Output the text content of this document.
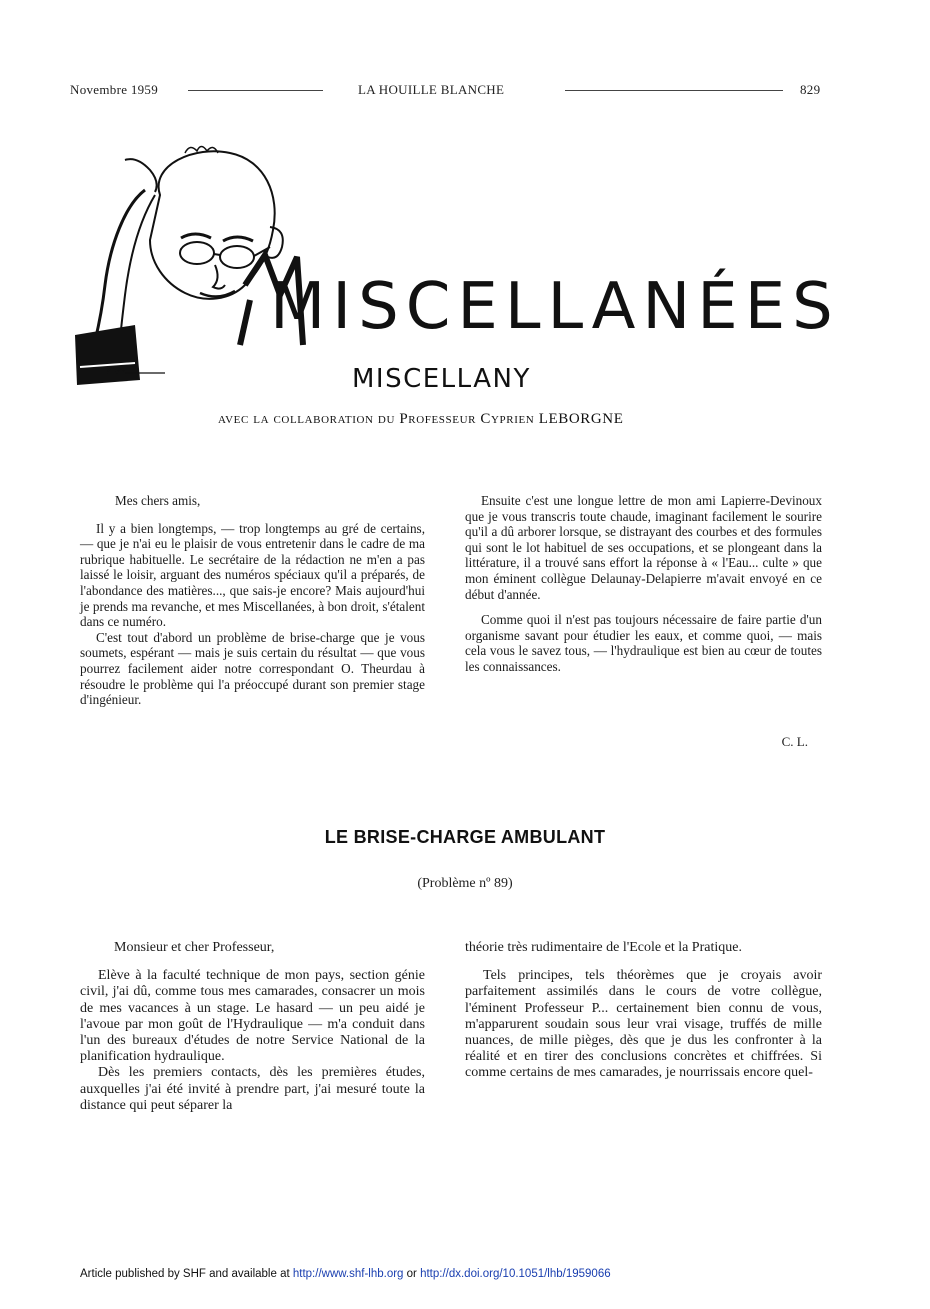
Novembre 1959	LA HOUILLE BLANCHE	829
MISCELLANÉES
MISCELLANY
avec la collaboration du Professeur Cyprien LEBORGNE

Mes chers amis,

Il y a bien longtemps, — trop longtemps au gré de certains, — que je n'ai eu le plaisir de vous entretenir dans le cadre de ma rubrique habituelle. Le secrétaire de la rédaction ne m'en a pas laissé le loisir, arguant des numéros spéciaux qu'il a préparés, de l'abondance des matières..., que sais-je encore? Mais aujourd'hui je prends ma revanche, et mes Miscellanées, à bon droit, s'étalent dans ce numéro.

C'est tout d'abord un problème de brise-charge que je vous soumets, espérant — mais je suis certain du résultat — que vous pourrez facilement aider notre correspondant O. Theurdau à résoudre le problème qui l'a préoccupé durant son premier stage d'ingénieur.

Ensuite c'est une longue lettre de mon ami Lapierre-Devinoux que je vous transcris toute chaude, imaginant facilement le sourire qu'il a dû arborer lorsque, se distrayant des courbes et des formules qui sont le lot habituel de ses occupations, et se plongeant dans la littérature, il a trouvé sans effort la réponse à « l'Eau... culte » que mon éminent collègue Delaunay-Delapierre m'avait envoyé en ce début d'année.

Comme quoi il n'est pas toujours nécessaire de faire partie d'un organisme savant pour étudier les eaux, et comme quoi, — mais cela vous le savez tous, — l'hydraulique est bien au cœur de toutes les connaissances.

C. L.
LE BRISE-CHARGE AMBULANT
(Problème nº 89)

Monsieur et cher Professeur,

Elève à la faculté technique de mon pays, section génie civil, j'ai dû, comme tous mes camarades, consacrer un mois de mes vacances à un stage. Le hasard — un peu aidé je l'avoue par mon goût de l'Hydraulique — m'a conduit dans l'un des bureaux d'études de notre Service National de la planification hydraulique.

Dès les premiers contacts, dès les premières études, auxquelles j'ai été invité à prendre part, j'ai mesuré toute la distance qui peut séparer la

théorie très rudimentaire de l'Ecole et la Pratique.

Tels principes, tels théorèmes que je croyais avoir parfaitement assimilés dans le cours de votre collègue, l'éminent Professeur P... certainement bien connu de vous, m'apparurent soudain sous leur vrai visage, truffés de mille nuances, de mille pièges, dès que je dus les confronter à la réalité et en tirer des conclusions concrètes et chiffrées. Si comme certains de mes camarades, je nourrissais encore quel-

Article published by SHF and available at http://www.shf-lhb.org or http://dx.doi.org/10.1051/lhb/1959066
